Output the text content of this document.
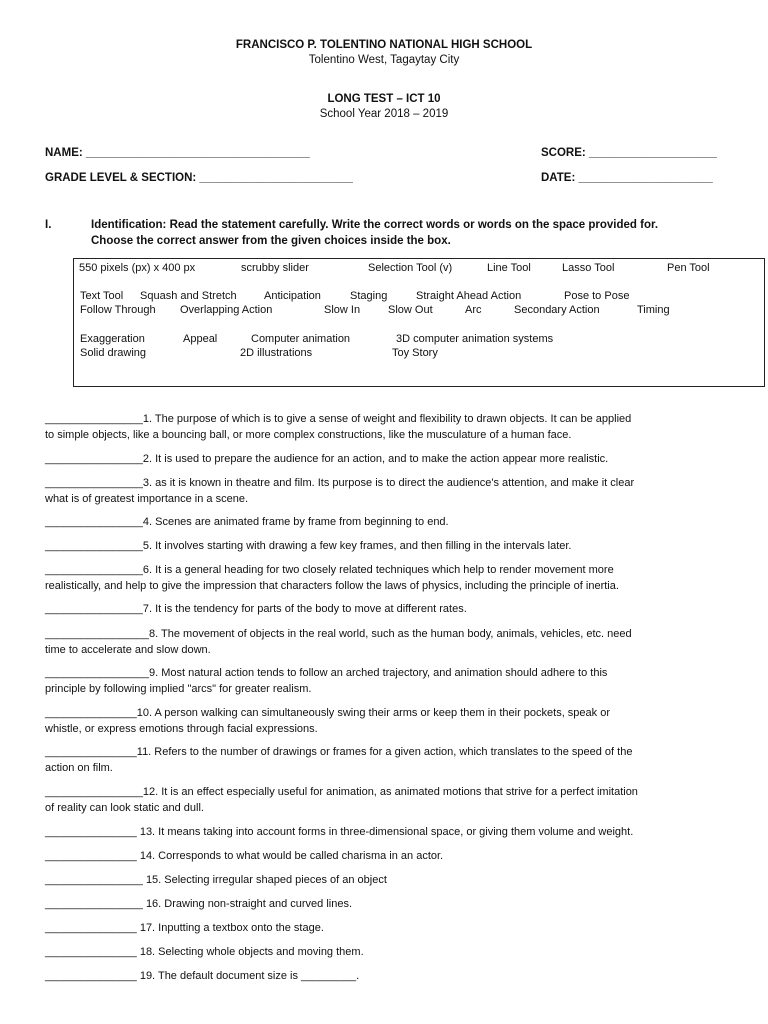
FRANCISCO P. TOLENTINO NATIONAL HIGH SCHOOL
Tolentino West, Tagaytay City
LONG TEST – ICT 10
School Year 2018 – 2019
NAME: ___________________________________	SCORE: ____________________
GRADE LEVEL & SECTION: ________________________	DATE: _____________________
I.	Identification: Read the statement carefully. Write the correct words or words on the space provided for.
Choose the correct answer from the given choices inside the box.
550 pixels (px) x 400 px	scrubby slider	Selection Tool (v)	Line Tool	Lasso Tool	Pen Tool
Text Tool Squash and Stretch Anticipation	Staging	Straight Ahead Action	Pose to Pose
Follow Through Overlapping Action	Slow In	Slow Out	Arc	Secondary Action	Timing
Exaggeration	Appeal	Computer animation	3D computer animation systems
Solid drawing	2D illustrations	Toy Story
________________1. The purpose of which is to give a sense of weight and flexibility to drawn objects. It can be applied
to simple objects, like a bouncing ball, or more complex constructions, like the musculature of a human face.
________________2. It is used to prepare the audience for an action, and to make the action appear more realistic.
________________3. as it is known in theatre and film. Its purpose is to direct the audience's attention, and make it clear
what is of greatest importance in a scene.
________________4. Scenes are animated frame by frame from beginning to end.
________________5. It involves starting with drawing a few key frames, and then filling in the intervals later.
________________6. It is a general heading for two closely related techniques which help to render movement more
realistically, and help to give the impression that characters follow the laws of physics, including the principle of inertia.
________________7. It is the tendency for parts of the body to move at different rates.
_________________8. The movement of objects in the real world, such as the human body, animals, vehicles, etc. need
time to accelerate and slow down.
_________________9. Most natural action tends to follow an arched trajectory, and animation should adhere to this
principle by following implied "arcs" for greater realism.
_______________10. A person walking can simultaneously swing their arms or keep them in their pockets, speak or
whistle, or express emotions through facial expressions.
_______________11. Refers to the number of drawings or frames for a given action, which translates to the speed of the
action on film.
________________12. It is an effect especially useful for animation, as animated motions that strive for a perfect imitation
of reality can look static and dull.
_______________ 13. It means taking into account forms in three-dimensional space, or giving them volume and weight.
_______________ 14. Corresponds to what would be called charisma in an actor.
________________ 15. Selecting irregular shaped pieces of an object
________________ 16. Drawing non-straight and curved lines.
_______________ 17. Inputting a textbox onto the stage.
_______________ 18. Selecting whole objects and moving them.
_______________ 19. The default document size is _________.
